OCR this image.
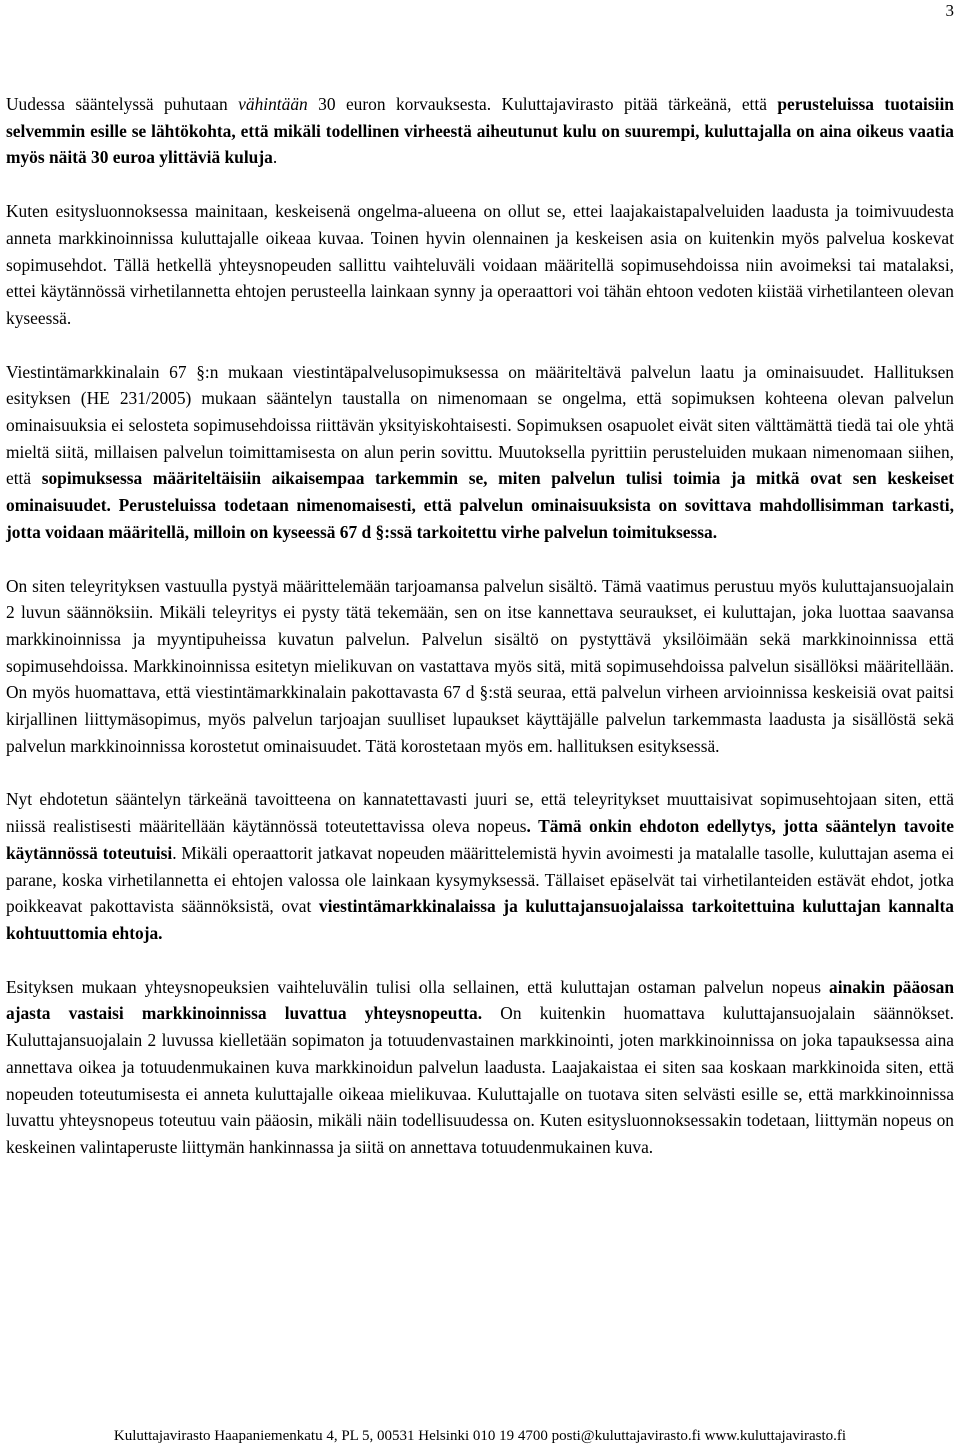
3

Uudessa sääntelyssä puhutaan vähintään 30 euron korvauksesta. Kuluttajavirasto pitää tärkeänä, että perusteluissa tuotaisiin selvemmin esille se lähtökohta, että mikäli todellinen virheestä aiheutunut kulu on suurempi, kuluttajalla on aina oikeus vaatia myös näitä 30 euroa ylittäviä kuluja.

Kuten esitysluonnoksessa mainitaan, keskeisenä ongelma-alueena on ollut se, ettei laajakaistapalveluiden laadusta ja toimivuudesta anneta markkinoinnissa kuluttajalle oikeaa kuvaa. Toinen hyvin olennainen ja keskeisen asia on kuitenkin myös palvelua koskevat sopimusehdot. Tällä hetkellä yhteysnopeuden sallittu vaihteluväli voidaan määritellä sopimusehdoissa niin avoimeksi tai matalaksi, ettei käytännössä virhetilannetta ehtojen perusteella lainkaan synny ja operaattori voi tähän ehtoon vedoten kiistää virhetilanteen olevan kyseessä.

Viestintämarkkinalain 67 §:n mukaan viestintäpalvelusopimuksessa on määriteltävä palvelun laatu ja ominaisuudet. Hallituksen esityksen (HE 231/2005) mukaan sääntelyn taustalla on nimenomaan se ongelma, että sopimuksen kohteena olevan palvelun ominaisuuksia ei selosteta sopimusehdoissa riittävän yksityiskohtaisesti. Sopimuksen osapuolet eivät siten välttämättä tiedä tai ole yhtä mieltä siitä, millaisen palvelun toimittamisesta on alun perin sovittu. Muutoksella pyrittiin perusteluiden mukaan nimenomaan siihen, että sopimuksessa määriteltäisiin aikaisempaa tarkemmin se, miten palvelun tulisi toimia ja mitkä ovat sen keskeiset ominaisuudet. Perusteluissa todetaan nimenomaisesti, että palvelun ominaisuuksista on sovittava mahdollisimman tarkasti, jotta voidaan määritellä, milloin on kyseessä 67 d §:ssä tarkoitettu virhe palvelun toimituksessa.

On siten teleyrityksen vastuulla pystyä määrittelemään tarjoamansa palvelun sisältö. Tämä vaatimus perustuu myös kuluttajansuojalain 2 luvun säännöksiin. Mikäli teleyritys ei pysty tätä tekemään, sen on itse kannettava seuraukset, ei kuluttajan, joka luottaa saavansa markkinoinnissa ja myyntipuheissa kuvatun palvelun. Palvelun sisältö on pystyttävä yksilöimään sekä markkinoinnissa että sopimusehdoissa. Markkinoinnissa esitetyn mielikuvan on vastattava myös sitä, mitä sopimusehdoissa palvelun sisällöksi määritellään. On myös huomattava, että viestintämarkkinalain pakottavasta 67 d §:stä seuraa, että palvelun virheen arvioinnissa keskeisiä ovat paitsi kirjallinen liittymäsopimus, myös palvelun tarjoajan suulliset lupaukset käyttäjälle palvelun tarkemmasta laadusta ja sisällöstä sekä palvelun markkinoinnissa korostetut ominaisuudet. Tätä korostetaan myös em. hallituksen esityksessä.

Nyt ehdotetun sääntelyn tärkeänä tavoitteena on kannatettavasti juuri se, että teleyritykset muuttaisivat sopimusehtojaan siten, että niissä realistisesti määritellään käytännössä toteutettavissa oleva nopeus. Tämä onkin ehdoton edellytys, jotta sääntelyn tavoite käytännössä toteutuisi. Mikäli operaattorit jatkavat nopeuden määrittelemistä hyvin avoimesti ja matalalle tasolle, kuluttajan asema ei parane, koska virhetilannetta ei ehtojen valossa ole lainkaan kysymyksessä. Tällaiset epäselvät tai virhetilanteiden estävät ehdot, jotka poikkeavat pakottavista säännöksistä, ovat viestintämarkkinalaissa ja kuluttajansuojalaissa tarkoitettuina kuluttajan kannalta kohtuuttomia ehtoja.

Esityksen mukaan yhteysnopeuksien vaihteluvälin tulisi olla sellainen, että kuluttajan ostaman palvelun nopeus ainakin pääosan ajasta vastaisi markkinoinnissa luvattua yhteysnopeutta. On kuitenkin huomattava kuluttajansuojalain säännökset. Kuluttajansuojalain 2 luvussa kielletään sopimaton ja totuudenvastainen markkinointi, joten markkinoinnissa on joka tapauksessa aina annettava oikea ja totuudenmukainen kuva markkinoidun palvelun laadusta. Laajakaistaa ei siten saa koskaan markkinoida siten, että nopeuden toteutumisesta ei anneta kuluttajalle oikeaa mielikuvaa. Kuluttajalle on tuotava siten selvästi esille se, että markkinoinnissa luvattu yhteysnopeus toteutuu vain pääosin, mikäli näin todellisuudessa on. Kuten esitysluonnoksessakin todetaan, liittymän nopeus on keskeinen valintaperuste liittymän hankinnassa ja siitä on annettava totuudenmukainen kuva.

Kuluttajavirasto Haapaniemenkatu 4, PL 5, 00531 Helsinki 010 19 4700 posti@kuluttajavirasto.fi www.kuluttajavirasto.fi
